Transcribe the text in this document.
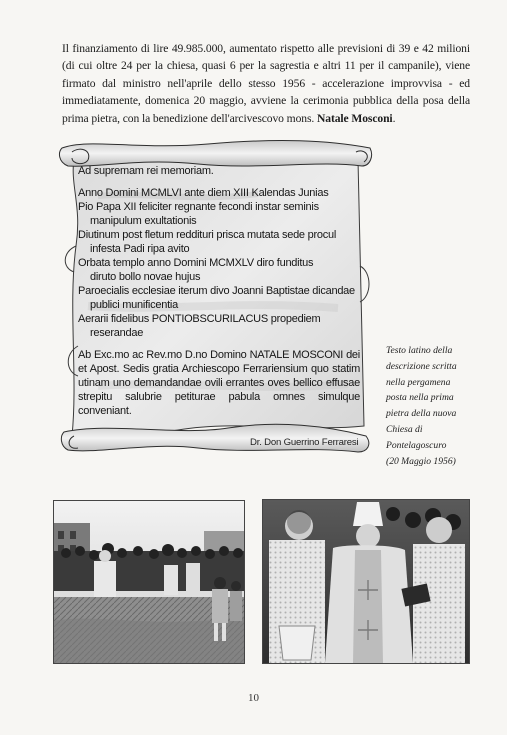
Il finanziamento di lire 49.985.000, aumentato rispetto alle previsioni di 39 e 42 milioni (di cui oltre 24 per la chiesa, quasi 6 per la sagrestia e altri 11 per il campanile), viene firmato dal ministro nell'aprile dello stesso 1956 - accelerazione improvvisa - ed immediatamente, domenica 20 maggio, avviene la cerimonia pubblica della posa della prima pietra, con la benedizione dell'arcivescovo mons. Natale Mosconi.

Ad supremam rei memoriam.

Anno Domini MCMLVI ante diem XIII Kalendas Junias

Pio Papa XII feliciter regnante fecondi instar seminis

manipulum exultationis

Diutinum post fletum reddituri prisca mutata sede procul

infesta Padi ripa avito

Orbata templo anno Domini MCMXLV diro funditus

diruto bollo novae hujus

Paroecialis ecclesiae iterum divo Joanni Baptistae dicandae

publici munificentia

Aerarii fidelibus PONTIOBSCURILACUS propediem

reserandae

Ab Exc.mo ac Rev.mo D.no Domino NATALE MOSCONI dei et Apost. Sedis gratia Archiescopo Ferrariensium quo statim utinam uno demandandae ovili errantes oves bellico effusae strepitu salubrie petiturae pabula omnes simulque conveniant.

Dr. Don Guerrino Ferraresi
Testo latino della
descrizione scritta
nella pergamena
posta nella prima
pietra della nuova
Chiesa di
Pontelagoscuro
(20 Maggio 1956)
10
